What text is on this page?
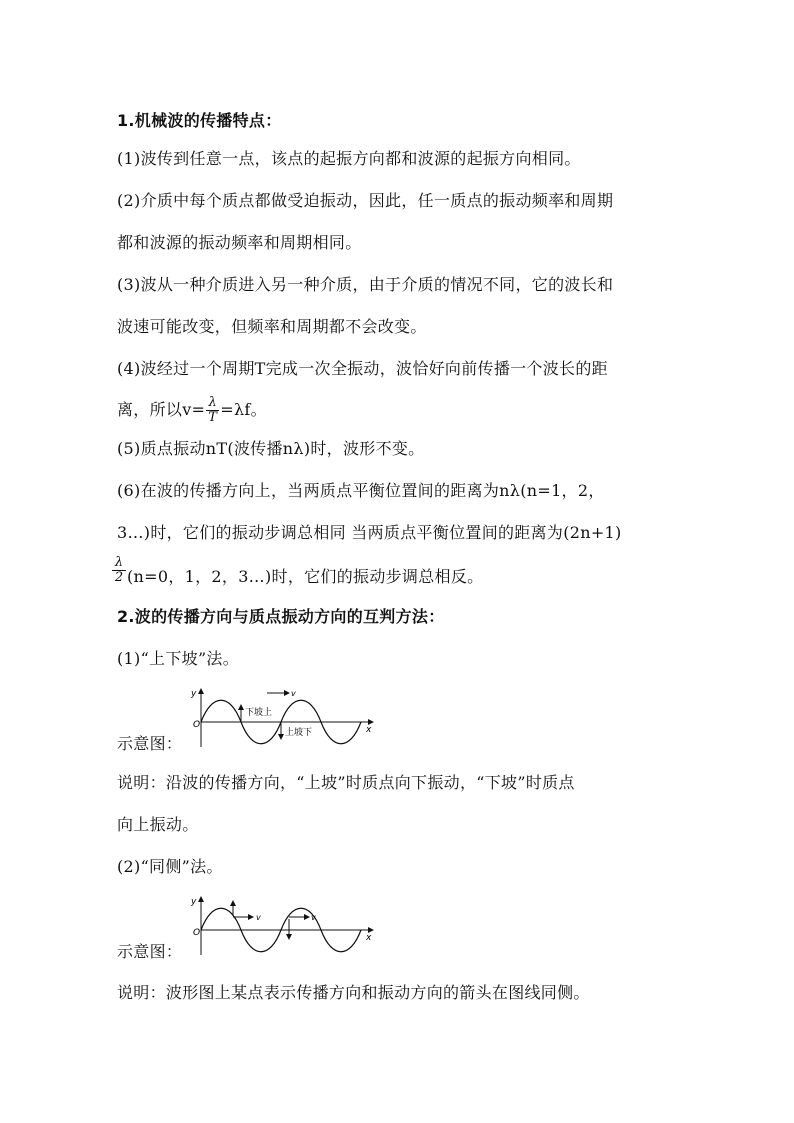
1.机械波的传播特点：
(1)波传到任意一点，该点的起振方向都和波源的起振方向相同。
(2)介质中每个质点都做受迫振动，因此，任一质点的振动频率和周期
都和波源的振动频率和周期相同。
(3)波从一种介质进入另一种介质，由于介质的情况不同，它的波长和
波速可能改变，但频率和周期都不会改变。
(4)波经过一个周期T完成一次全振动，波恰好向前传播一个波长的距
离，所以$v= \frac{\lambda}{T} =\lambda f$。
(5)质点振动nT(波传播nλ)时，波形不变。
(6)在波的传播方向上，当两质点平衡位置间的距离为nλ(n=1，2，
3…)时，它们的振动步调总相同 当两质点平衡位置间的距离为(2n+1)
$\frac{\lambda}{2} (n=0$，1，2，3…)时，它们的振动步调总相反。
2.波的传播方向与质点振动方向的互判方法：
(1)“上下坡”法。
y
O	x
v
下坡上
上坡下
示意图：
说明：沿波的传播方向，“上坡”时质点向下振动，“下坡”时质点
向上振动。
(2)“同侧”法。
y
O	x
v	v
示意图：
说明：波形图上某点表示传播方向和振动方向的箭头在图线同侧。
